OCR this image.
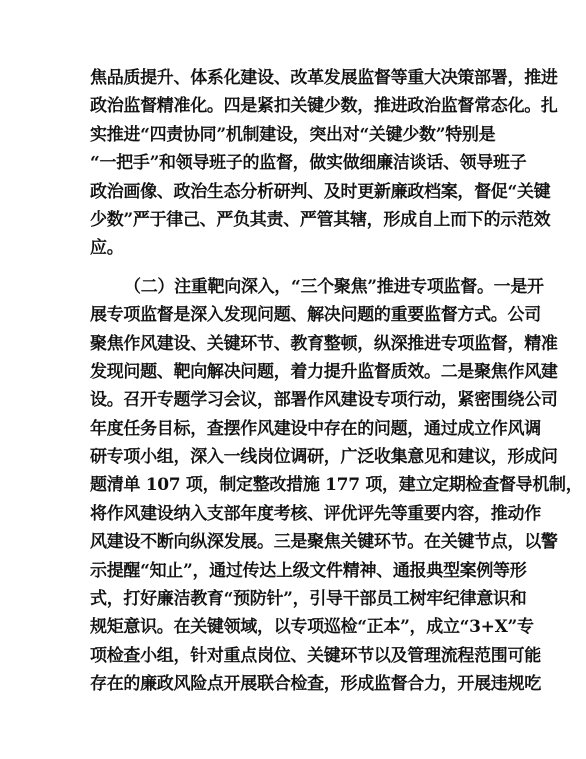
焦品质提升、体系化建设、改革发展监督等重大决策部署，推进
政治监督精准化。四是紧扣关键少数，推进政治监督常态化。扎
实推进“四责协同”机制建设，突出对“关键少数”特别是
“一把手”和领导班子的监督，做实做细廉洁谈话、领导班子
政治画像、政治生态分析研判、及时更新廉政档案，督促“关键
少数”严于律己、严负其责、严管其辖，形成自上而下的示范效
应。
（二）注重靶向深入，“三个聚焦”推进专项监督。一是开
展专项监督是深入发现问题、解决问题的重要监督方式。公司
聚焦作风建设、关键环节、教育整顿，纵深推进专项监督，精准
发现问题、靶向解决问题，着力提升监督质效。二是聚焦作风建
设。召开专题学习会议，部署作风建设专项行动，紧密围绕公司
年度任务目标，查摆作风建设中存在的问题，通过成立作风调
研专项小组，深入一线岗位调研，广泛收集意见和建议，形成问
题清单 107 项，制定整改措施 177 项，建立定期检查督导机制，
将作风建设纳入支部年度考核、评优评先等重要内容，推动作
风建设不断向纵深发展。三是聚焦关键环节。在关键节点，以警
示提醒“知止”，通过传达上级文件精神、通报典型案例等形
式，打好廉洁教育“预防针”，引导干部员工树牢纪律意识和
规矩意识。在关键领域，以专项巡检“正本”，成立“3+X”专
项检查小组，针对重点岗位、关键环节以及管理流程范围可能
存在的廉政风险点开展联合检查，形成监督合力，开展违规吃
